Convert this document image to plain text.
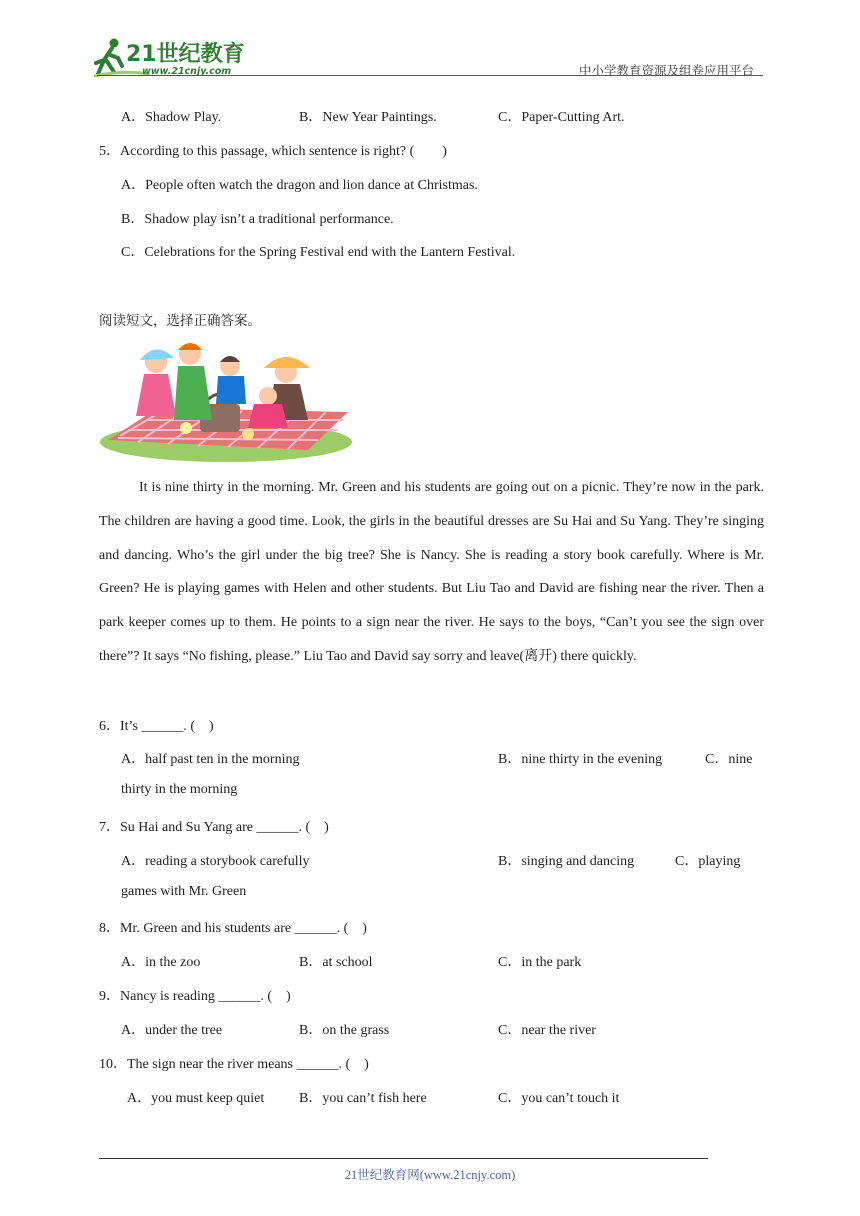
21世纪教育
www.21cnjy.com	中小学教育资源及组卷应用平台
A．Shadow Play.	B．New Year Paintings.	C．Paper-Cutting Art.
5．According to this passage, which sentence is right? (　　)
A．People often watch the dragon and lion dance at Christmas.
B．Shadow play isn’t a traditional performance.
C．Celebrations for the Spring Festival end with the Lantern Festival.
阅读短文，选择正确答案。
It is nine thirty in the morning. Mr. Green and his students are going out on a picnic. They’re now in the park. The children are having a good time. Look, the girls in the beautiful dresses are Su Hai and Su Yang. They’re singing and dancing. Who’s the girl under the big tree? She is Nancy. She is reading a story book carefully. Where is Mr. Green? He is playing games with Helen and other students. But Liu Tao and David are fishing near the river. Then a park keeper comes up to them. He points to a sign near the river. He says to the boys, “Can’t you see the sign over there”? It says “No fishing, please.” Liu Tao and David say sorry and leave(离开) there quickly.
6．It’s ______. (　)
A．half past ten in the morning	B．nine thirty in the evening	C．nine
thirty in the morning
7．Su Hai and Su Yang are ______. (　)
A．reading a storybook carefully	B．singing and dancing	C．playing
games with Mr. Green
8．Mr. Green and his students are ______. (　)
A．in the zoo	B．at school	C．in the park
9．Nancy is reading ______. (　)
A．under the tree	B．on the grass	C．near the river
10．The sign near the river means ______. (　)
A．you must keep quiet B．you can’t fish here	C．you can’t touch it
21世纪教育网(www.21cnjy.com)
